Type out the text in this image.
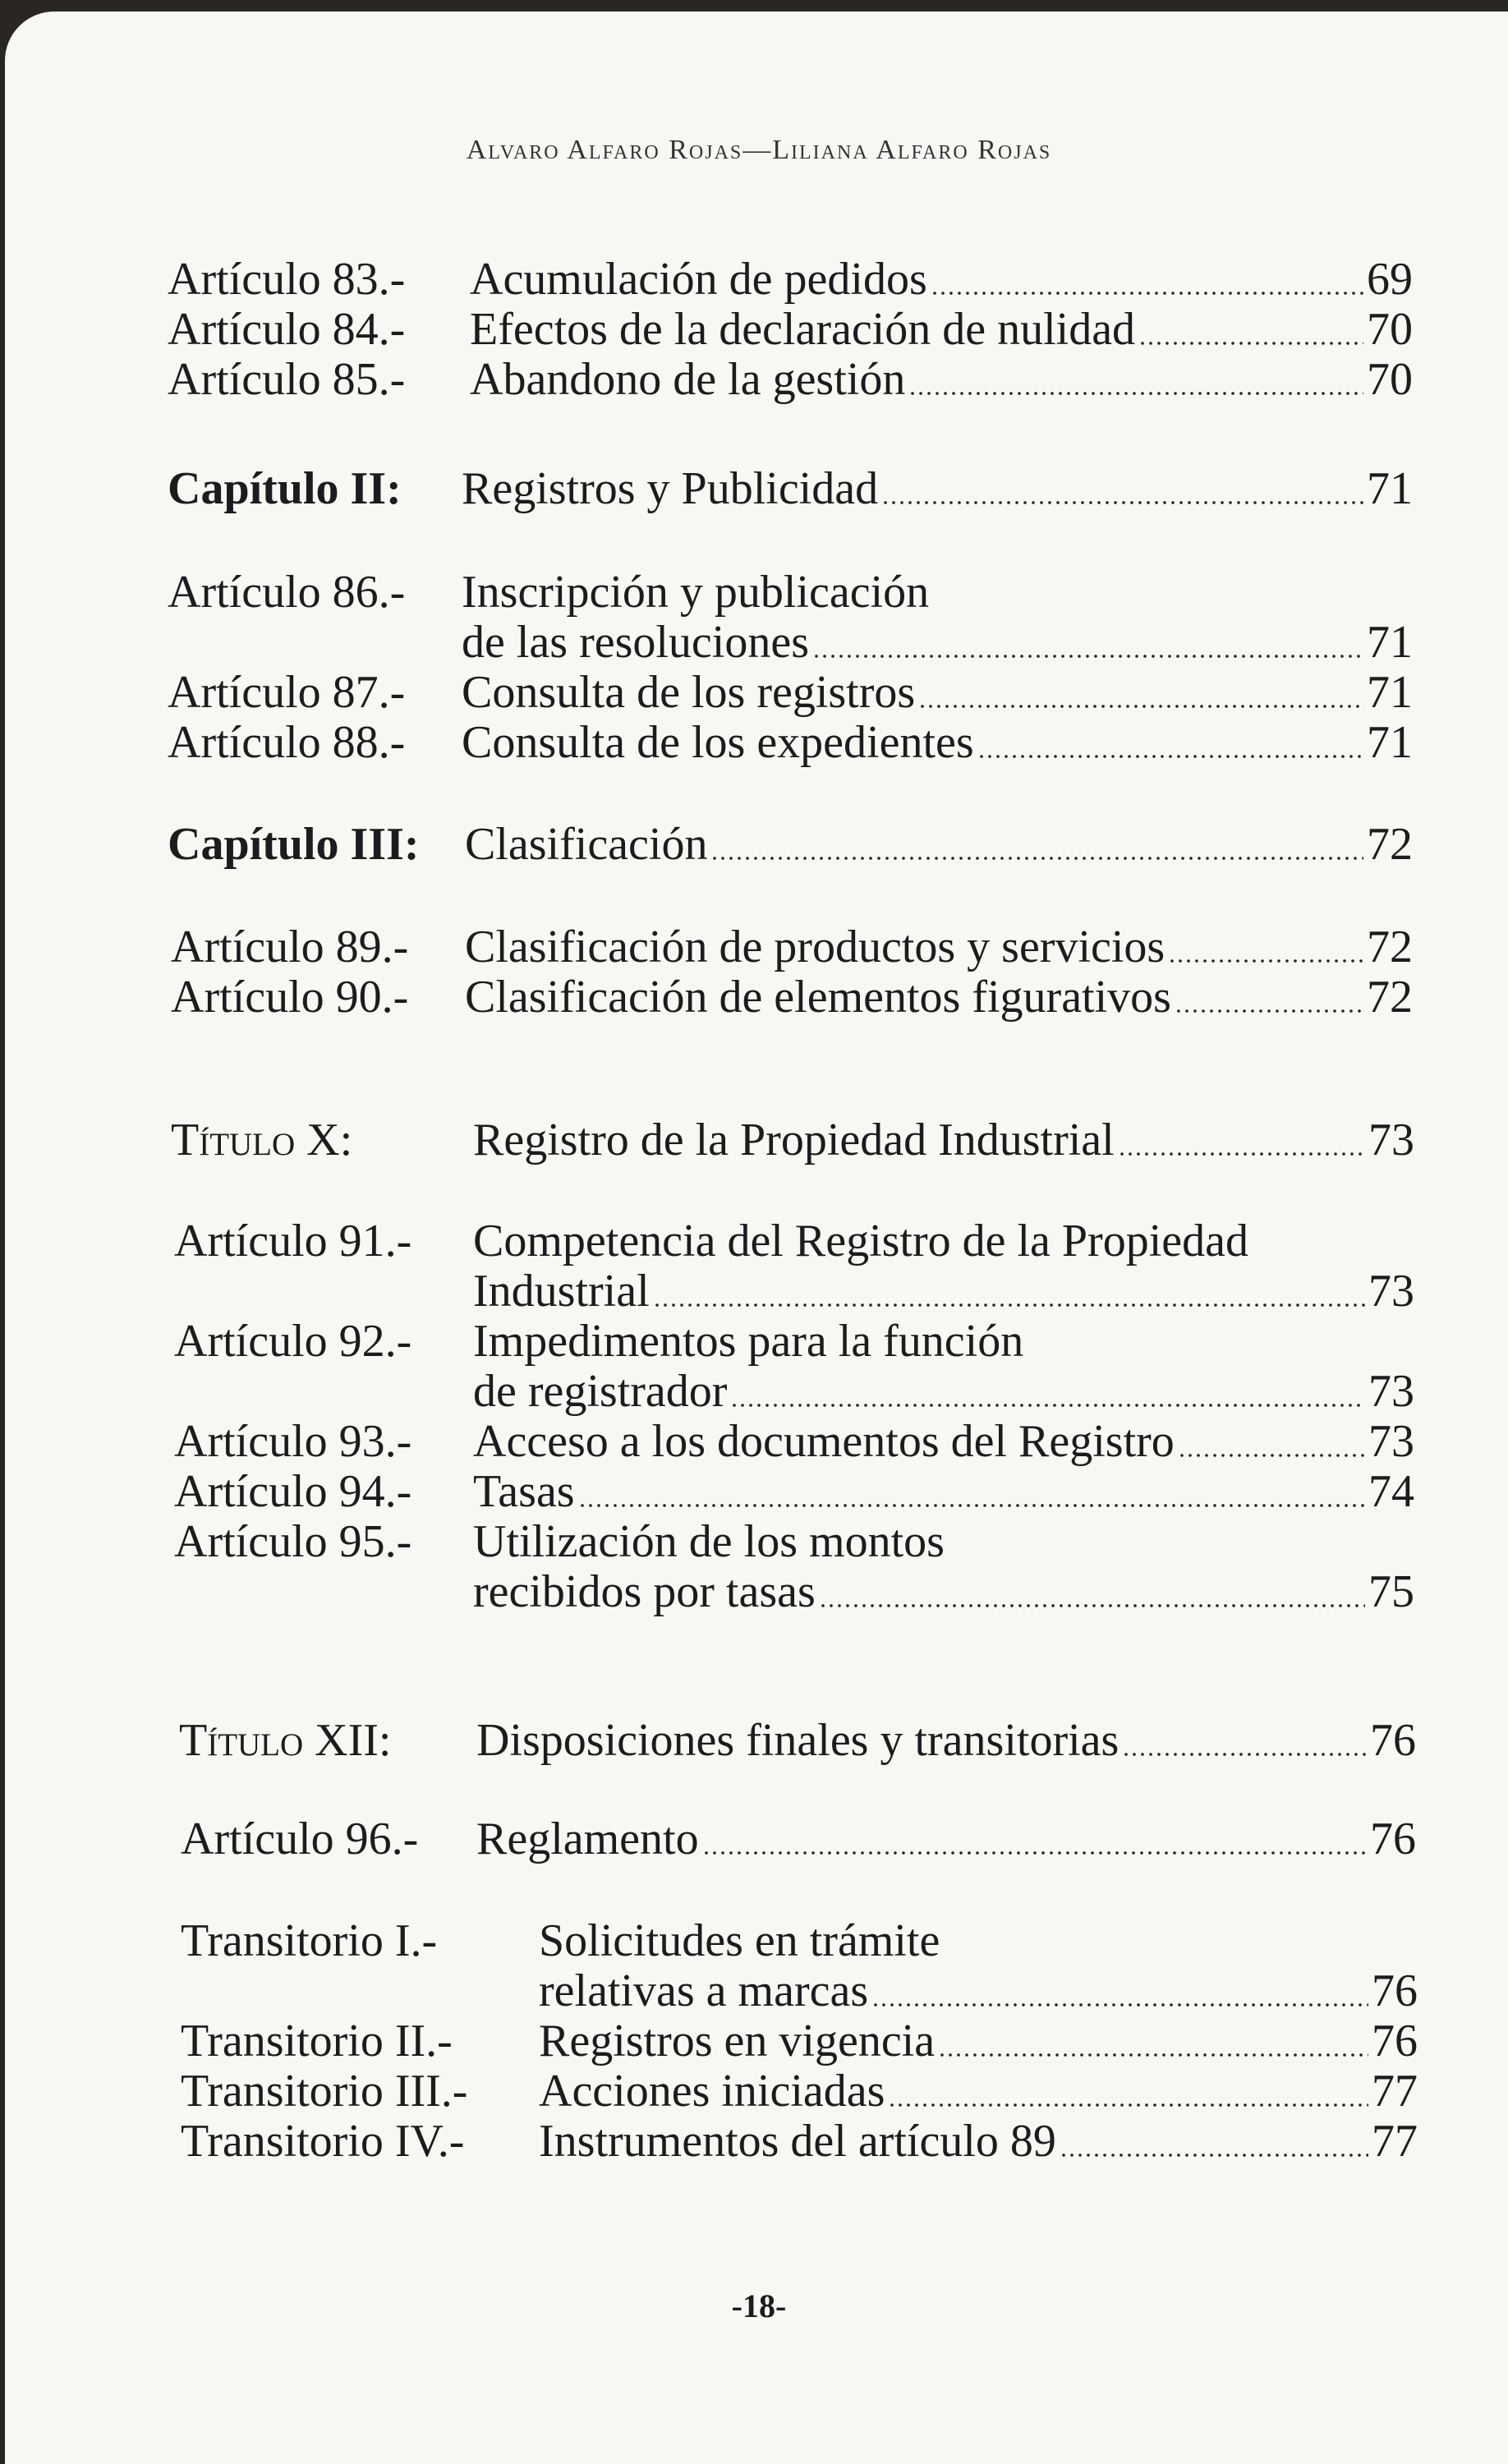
Alvaro Alfaro Rojas—Liliana Alfaro Rojas
Artículo 83.-	Acumulación de pedidos	69
Artículo 84.-	Efectos de la declaración de nulidad	70
Artículo 85.-	Abandono de la gestión	70
Capítulo II:	Registros y Publicidad	71
Artículo 86.-	Inscripción y publicación
de las resoluciones	71
Artículo 87.-	Consulta de los registros	71
Artículo 88.-	Consulta de los expedientes	71
Capítulo III: Clasificación	72
Artículo 89.-	Clasificación de productos y servicios	72
Artículo 90.-	Clasificación de elementos figurativos	72
Título X:	Registro de la Propiedad Industrial	73
Artículo 91.-	Competencia del Registro de la Propiedad
Industrial	73
Artículo 92.-	Impedimentos para la función
de registrador	73
Artículo 93.-	Acceso a los documentos del Registro	73
Artículo 94.-	Tasas	74
Artículo 95.-	Utilización de los montos
recibidos por tasas	75
Título XII:	Disposiciones finales y transitorias	76
Artículo 96.-	Reglamento	76
Transitorio I.-	Solicitudes en trámite
relativas a marcas	76
Transitorio II.-	Registros en vigencia	76
Transitorio III.-	Acciones iniciadas	77
Transitorio IV.-	Instrumentos del artículo 89	77
-18-
